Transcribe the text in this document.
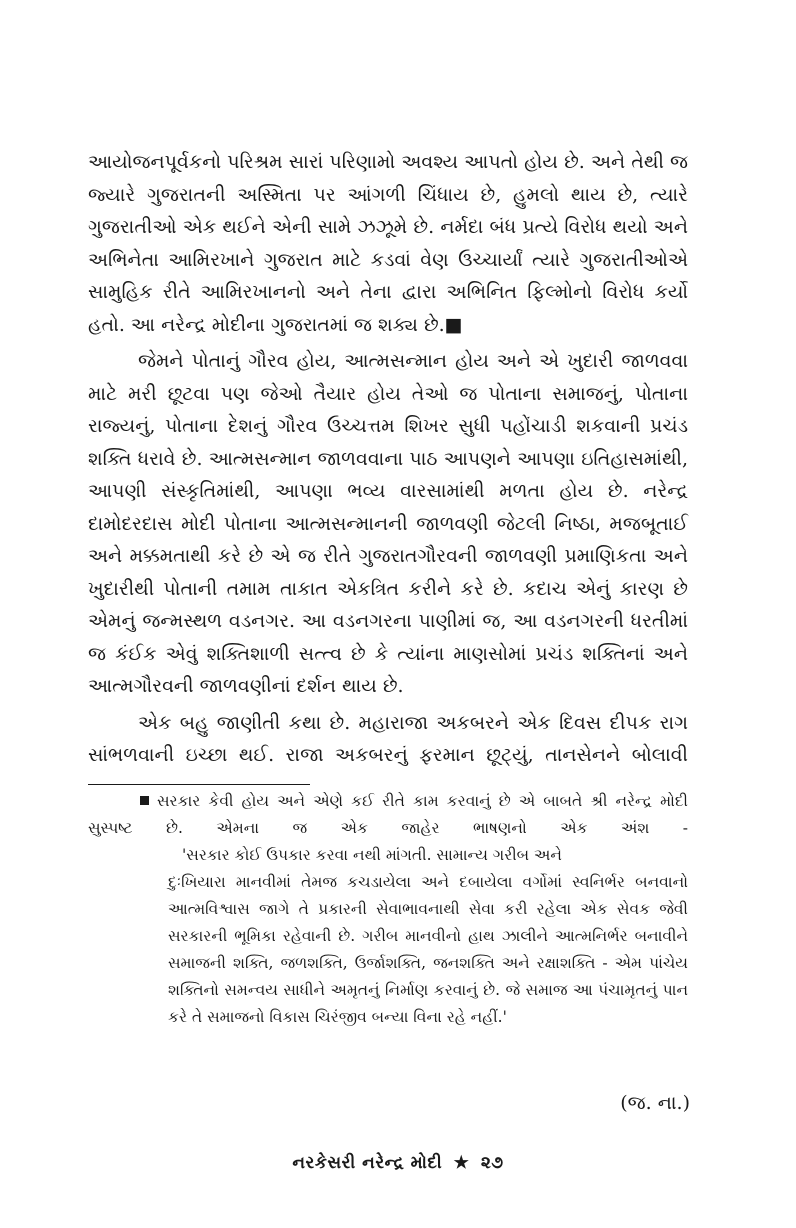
આયોજનપૂર્વકનો પરિશ્રમ સારાં પરિણામો અવશ્ય આપતો હોય છે. અને તેથી જ જ્યારે ગુજરાતની અસ્મિતા પર આંગળી ચિંધાય છે, હુમલો થાય છે, ત્યારે ગુજરાતીઓ એક થઈને એની સામે ઝઝૂમે છે. નર્મદા બંધ પ્રત્યે વિરોધ થયો અને અભિનેતા આમિરખાને ગુજરાત માટે કડવાં વેણ ઉચ્ચાર્યાં ત્યારે ગુજરાતીઓએ સામુહિક રીતે આમિરખાનનો અને તેના દ્વારા અભિનિત ફિલ્મોનો વિરોધ કર્યો હતો. આ નરેન્દ્ર મોદીના ગુજરાતમાં જ શક્ય છે.■

જેમને પોતાનું ગૌરવ હોય, આત્મસન્માન હોય અને એ ખુદારી જાળવવા માટે મરી છૂટવા પણ જેઓ તૈયાર હોય તેઓ જ પોતાના સમાજનું, પોતાના રાજ્યનું, પોતાના દેશનું ગૌરવ ઉચ્ચત્તમ શિખર સુધી પહોંચાડી શકવાની પ્રચંડ શક્તિ ધરાવે છે. આત્મસન્માન જાળવવાના પાઠ આપણને આપણા ઇતિહાસમાંથી, આપણી સંસ્કૃતિમાંથી, આપણા ભવ્ય વારસામાંથી મળતા હોય છે. નરેન્દ્ર દામોદરદાસ મોદી પોતાના આત્મસન્માનની જાળવણી જેટલી નિષ્ઠા, મજબૂતાઈ અને મક્કમતાથી કરે છે એ જ રીતે ગુજરાતગૌરવની જાળવણી પ્રમાણિકતા અને ખુદારીથી પોતાની તમામ તાકાત એકત્રિત કરીને કરે છે. કદાચ એનું કારણ છે એમનું જન્મસ્થળ વડનગર. આ વડનગરના પાણીમાં જ, આ વડનગરની ધરતીમાં જ કંઈક એવું શક્તિશાળી સત્ત્વ છે કે ત્યાંના માણસોમાં પ્રચંડ શક્તિનાં અને આત્મગૌરવની જાળવણીનાં દર્શન થાય છે.

એક બહુ જાણીતી કથા છે. મહારાજા અકબરને એક દિવસ દીપક રાગ સાંભળવાની ઇચ્છા થઈ. રાજા અકબરનું ફરમાન છૂટ્યું, તાનસેનને બોલાવી

સરકાર કેવી હોય અને એણે કઈ રીતે કામ કરવાનું છે એ બાબતે શ્રી નરેન્દ્ર મોદી સુસ્પષ્ટ છે. એમના જ એક જાહેર ભાષણનો એક અંશ -

'સરકાર કોઈ ઉપકાર કરવા નથી માંગતી. સામાન્ય ગરીબ અને
દુઃખિયારા માનવીમાં તેમજ કચડાયેલા અને દબાયેલા વર્ગોમાં સ્વનિર્ભર બનવાનો આત્મવિશ્વાસ જાગે તે પ્રકારની સેવાભાવનાથી સેવા કરી રહેલા એક સેવક જેવી સરકારની ભૂમિકા રહેવાની છે. ગરીબ માનવીનો હાથ ઝાલીને આત્મનિર્ભર બનાવીને સમાજની શક્તિ, જળશક્તિ, ઉર્જાશક્તિ, જનશક્તિ અને રક્ષાશક્તિ - એમ પાંચેય શક્તિનો સમન્વય સાધીને અમૃતનું નિર્માણ કરવાનું છે. જે સમાજ આ પંચામૃતનું પાન કરે તે સમાજનો વિકાસ ચિરંજીવ બન્યા વિના રહે નહીં.'

(જ. ના.)
નરકેસરી નરેન્દ્ર મોદી ★ ૨૭
